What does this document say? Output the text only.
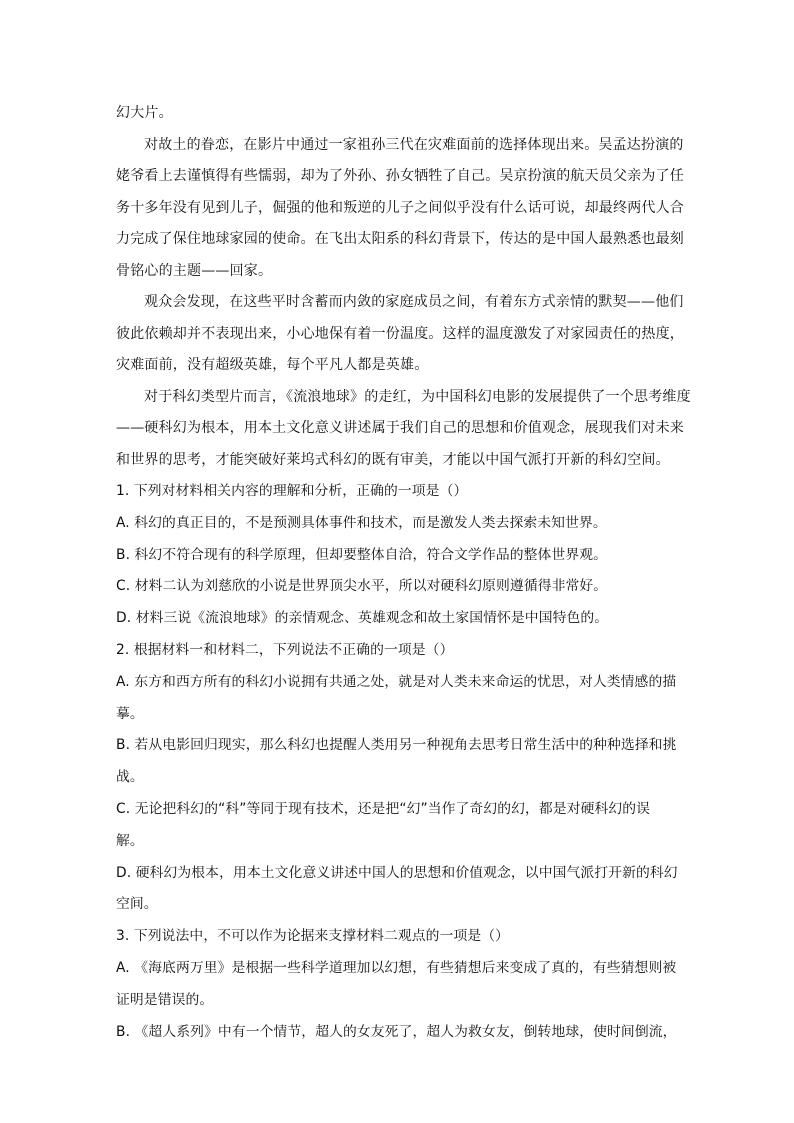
幻大片。
对故土的眷恋，在影片中通过一家祖孙三代在灾难面前的选择体现出来。吴孟达扮演的
姥爷看上去谨慎得有些懦弱，却为了外孙、孙女牺牲了自己。吴京扮演的航天员父亲为了任
务十多年没有见到儿子，倔强的他和叛逆的儿子之间似乎没有什么话可说，却最终两代人合
力完成了保住地球家园的使命。在飞出太阳系的科幻背景下，传达的是中国人最熟悉也最刻
骨铭心的主题——回家。
观众会发现，在这些平时含蓄而内敛的家庭成员之间，有着东方式亲情的默契——他们
彼此依赖却并不表现出来，小心地保有着一份温度。这样的温度激发了对家园责任的热度，
灾难面前，没有超级英雄，每个平凡人都是英雄。
对于科幻类型片而言，《流浪地球》的走红，为中国科幻电影的发展提供了一个思考维度
——硬科幻为根本，用本土文化意义讲述属于我们自己的思想和价值观念，展现我们对未来
和世界的思考，才能突破好莱坞式科幻的既有审美，才能以中国气派打开新的科幻空间。
1. 下列对材料相关内容的理解和分析，正确的一项是（）
A. 科幻的真正目的，不是预测具体事件和技术，而是激发人类去探索未知世界。
B. 科幻不符合现有的科学原理，但却要整体自洽，符合文学作品的整体世界观。
C. 材料二认为刘慈欣的小说是世界顶尖水平，所以对硬科幻原则遵循得非常好。
D. 材料三说《流浪地球》的亲情观念、英雄观念和故土家国情怀是中国特色的。
2. 根据材料一和材料二，下列说法不正确的一项是（）
A. 东方和西方所有的科幻小说拥有共通之处，就是对人类未来命运的忧思，对人类情感的描
摹。
B. 若从电影回归现实，那么科幻也提醒人类用另一种视角去思考日常生活中的种种选择和挑
战。
C. 无论把科幻的“科”等同于现有技术，还是把“幻”当作了奇幻的幻，都是对硬科幻的误
解。
D. 硬科幻为根本，用本土文化意义讲述中国人的思想和价值观念，以中国气派打开新的科幻
空间。
3. 下列说法中，不可以作为论据来支撑材料二观点的一项是（）
A. 《海底两万里》是根据一些科学道理加以幻想，有些猜想后来变成了真的，有些猜想则被
证明是错误的。
B. 《超人系列》中有一个情节，超人的女友死了，超人为救女友，倒转地球，使时间倒流，
